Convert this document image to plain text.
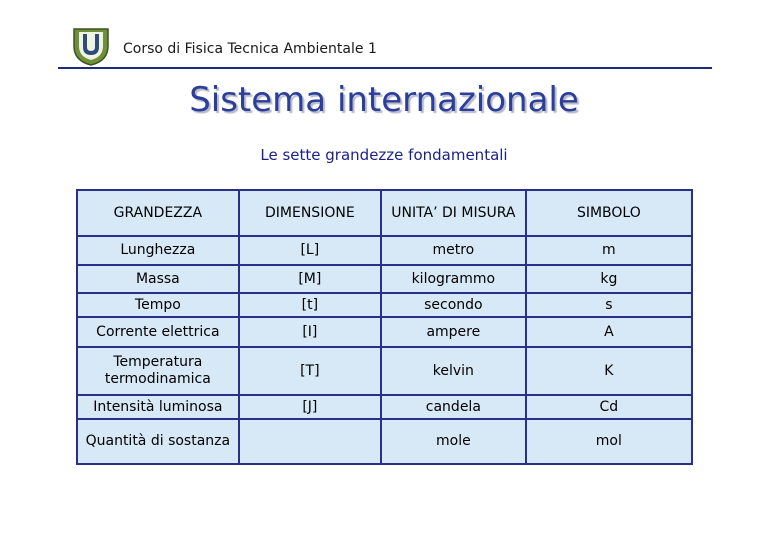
Corso di Fisica Tecnica Ambientale 1
Sistema internazionale
Le sette grandezze fondamentali
GRANDEZZA	DIMENSIONE	UNITA’ DI MISURA	SIMBOLO
Lunghezza	[L]	metro	m
Massa	[M]	kilogrammo	kg
Tempo	[t]	secondo	s
Corrente elettrica	[I]	ampere	A
Temperatura termodinamica	[T]	kelvin	K
Intensità luminosa	[J]	candela	Cd
Quantità di sostanza		mole	mol
